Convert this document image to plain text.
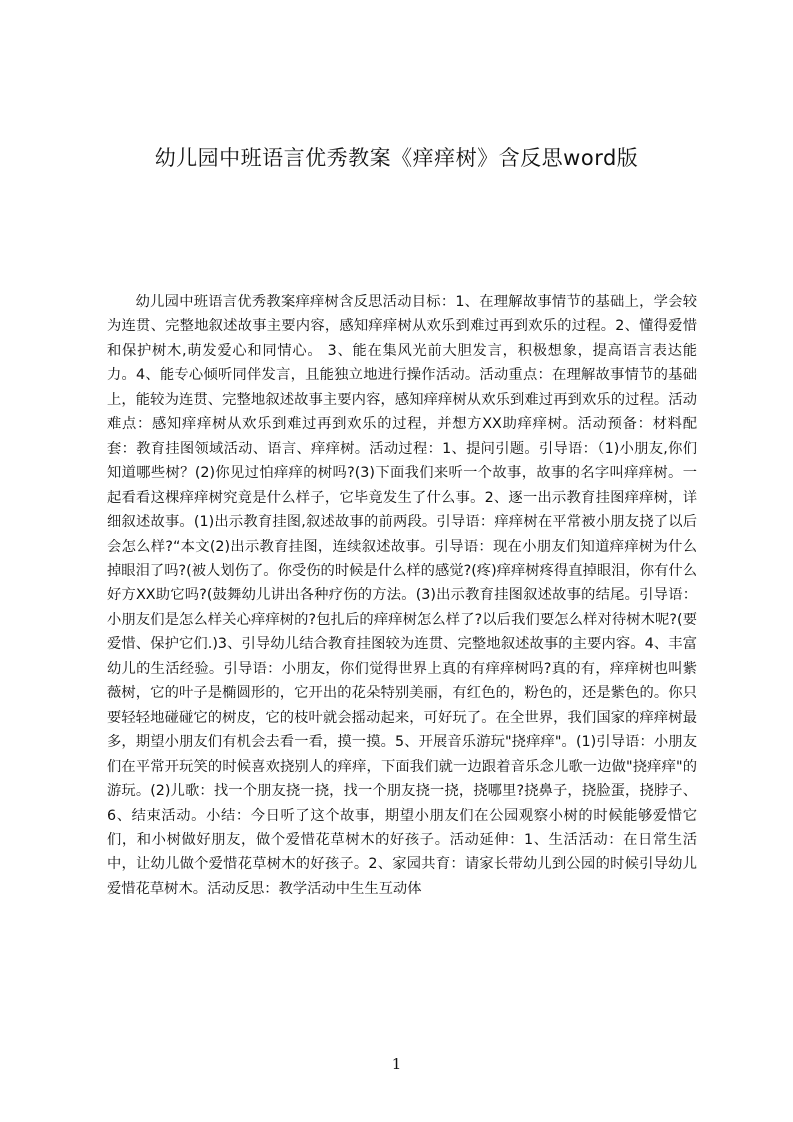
幼儿园中班语言优秀教案《痒痒树》含反思word版

幼儿园中班语言优秀教案痒痒树含反思活动目标：1、在理解故事情节的基础上，学会较为连贯、完整地叙述故事主要内容，感知痒痒树从欢乐到难过再到欢乐的过程。2、懂得爱惜和保护树木,萌发爱心和同情心。 3、能在集风光前大胆发言，积极想象，提高语言表达能力。4、能专心倾听同伴发言，且能独立地进行操作活动。活动重点：在理解故事情节的基础上，能较为连贯、完整地叙述故事主要内容，感知痒痒树从欢乐到难过再到欢乐的过程。活动难点：感知痒痒树从欢乐到难过再到欢乐的过程，并想方XX助痒痒树。活动预备：材料配套：教育挂图领域活动、语言、痒痒树。活动过程：1、提问引题。引导语：（1)小朋友,你们知道哪些树？(2)你见过怕痒痒的树吗?(3)下面我们来听一个故事，故事的名字叫痒痒树。一起看看这棵痒痒树究竟是什么样子，它毕竟发生了什么事。2、逐一出示教育挂图痒痒树，详细叙述故事。(1)出示教育挂图,叙述故事的前两段。引导语：痒痒树在平常被小朋友挠了以后会怎么样?“本文(2)出示教育挂图，连续叙述故事。引导语：现在小朋友们知道痒痒树为什么掉眼泪了吗?(被人划伤了。你受伤的时候是什么样的感觉?(疼)痒痒树疼得直掉眼泪，你有什么好方XX助它吗?(鼓舞幼儿讲出各种疗伤的方法。(3)出示教育挂图叙述故事的结尾。引导语：小朋友们是怎么样关心痒痒树的?包扎后的痒痒树怎么样了?以后我们要怎么样对待树木呢?(要爱惜、保护它们.)3、引导幼儿结合教育挂图较为连贯、完整地叙述故事的主要内容。4、丰富幼儿的生活经验。引导语：小朋友，你们觉得世界上真的有痒痒树吗?真的有，痒痒树也叫紫薇树，它的叶子是椭圆形的，它开出的花朵特别美丽，有红色的，粉色的，还是紫色的。你只要轻轻地碰碰它的树皮，它的枝叶就会摇动起来，可好玩了。在全世界，我们国家的痒痒树最多，期望小朋友们有机会去看一看，摸一摸。5、开展音乐游玩"挠痒痒"。(1)引导语：小朋友们在平常开玩笑的时候喜欢挠别人的痒痒，下面我们就一边跟着音乐念儿歌一边做"挠痒痒"的游玩。(2)儿歌：找一个朋友挠一挠，找一个朋友挠一挠，挠哪里?挠鼻子，挠脸蛋，挠脖子、6、结束活动。小结：今日听了这个故事，期望小朋友们在公园观察小树的时候能够爱惜它们，和小树做好朋友，做个爱惜花草树木的好孩子。活动延伸：1、生活活动：在日常生活中，让幼儿做个爱惜花草树木的好孩子。2、家园共育：请家长带幼儿到公园的时候引导幼儿爱惜花草树木。活动反思：教学活动中生生互动体

1
